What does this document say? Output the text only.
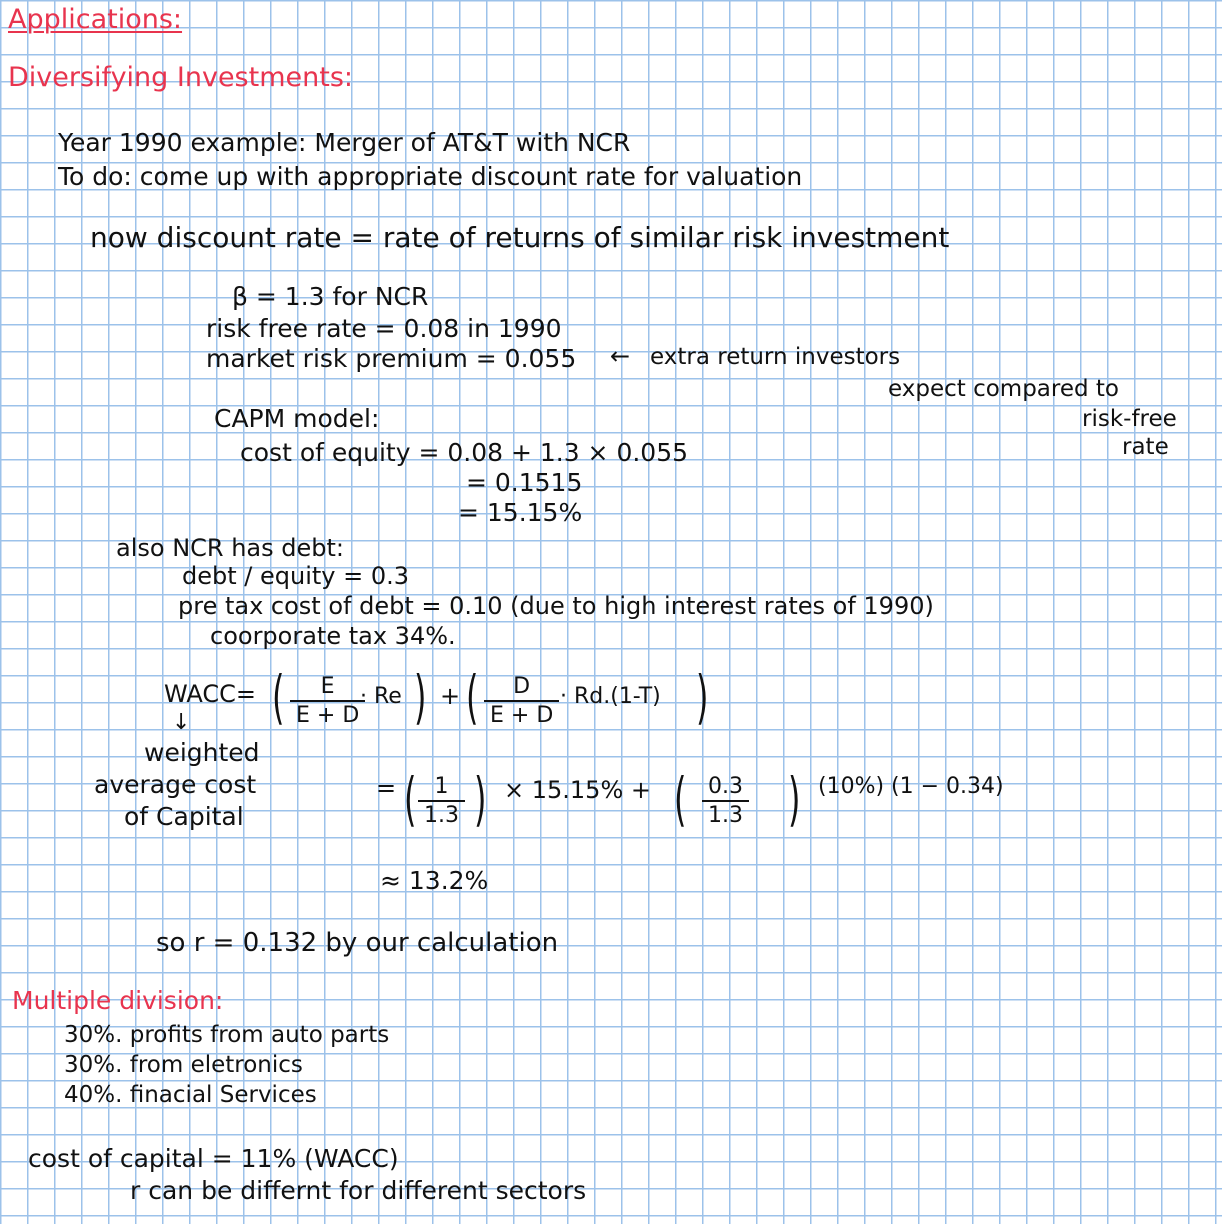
Applications:
Diversifying Investments:
Year 1990 example: Merger of AT&T with NCR
To do: come up with appropriate discount rate for valuation
now discount rate = rate of returns of similar risk investment
β = 1.3 for NCR
risk free rate = 0.08 in 1990
market risk premium = 0.055 ← extra return investors
expect compared to
risk-free
rate
CAPM model:
cost of equity = 0.08 + 1.3 × 0.055
= 0.1515
= 15.15%
also NCR has debt:
debt / equity = 0.3
pre tax cost of debt = 0.10 (due to high interest rates of 1990)
coorporate tax 34%.
WACC=
↓ ( E
E + D
· Re ) + ( D
E + D
· Rd.(1-T) )
weighted
average cost
of Capital
= ( 1
1.3 ) × 15.15% + ( 0.3
1.3 ) (10%) (1 − 0.34)
≈ 13.2%
so r = 0.132 by our calculation
Multiple division:
30%. profits from auto parts
30%. from eletronics
40%. finacial Services
cost of capital = 11% (WACC)
r can be differnt for different sectors
